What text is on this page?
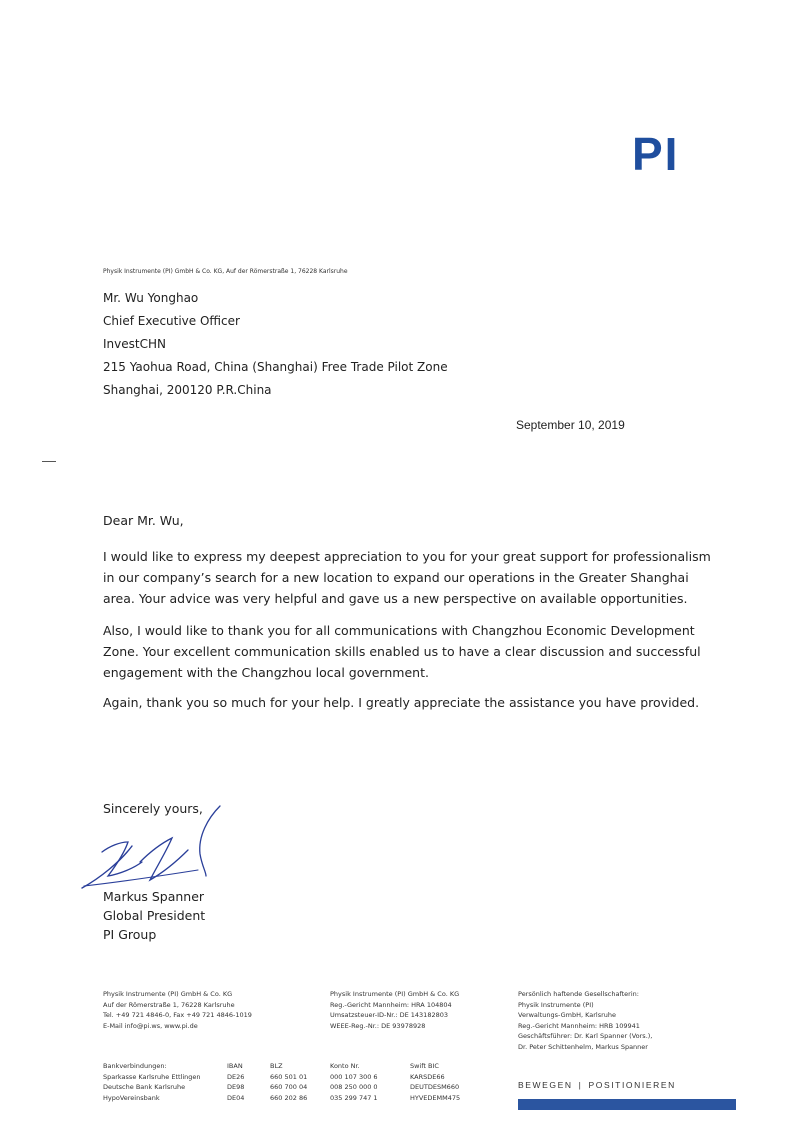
PI
Physik Instrumente (PI) GmbH & Co. KG, Auf der Römerstraße 1, 76228 Karlsruhe
Mr. Wu Yonghao
Chief Executive Officer
InvestCHN
215 Yaohua Road, China (Shanghai) Free Trade Pilot Zone
Shanghai, 200120 P.R.China
September 10, 2019
Dear Mr. Wu,

I would like to express my deepest appreciation to you for your great support for professionalism in our company’s search for a new location to expand our operations in the Greater Shanghai area. Your advice was very helpful and gave us a new perspective on available opportunities.

Also, I would like to thank you for all communications with Changzhou Economic Development Zone. Your excellent communication skills enabled us to have a clear discussion and successful engagement with the Changzhou local government.

Again, thank you so much for your help. I greatly appreciate the assistance you have provided.

Sincerely yours,
Markus Spanner
Global President
PI Group
Physik Instrumente (PI) GmbH & Co. KG
Auf der Römerstraße 1, 76228 Karlsruhe
Tel. +49 721 4846-0, Fax +49 721 4846-1019
E-Mail info@pi.ws, www.pi.de
Physik Instrumente (PI) GmbH & Co. KG
Reg.-Gericht Mannheim: HRA 104804
Umsatzsteuer-ID-Nr.: DE 143182803
WEEE-Reg.-Nr.: DE 93978928
Persönlich haftende Gesellschafterin:
Physik Instrumente (PI)
Verwaltungs-GmbH, Karlsruhe
Reg.-Gericht Mannheim: HRB 109941
Geschäftsführer: Dr. Karl Spanner (Vors.),
Dr. Peter Schittenhelm, Markus Spanner
Bankverbindungen:
Sparkasse Karlsruhe Ettlingen
Deutsche Bank Karlsruhe
HypoVereinsbank
IBAN
DE26
DE98
DE04
BLZ
660 501 01
660 700 04
660 202 86
Konto Nr.
000 107 300 6
008 250 000 0
035 299 747 1
Swift BIC
KARSDE66
DEUTDESM660
HYVEDEMM475
BEWEGEN | POSITIONIEREN
